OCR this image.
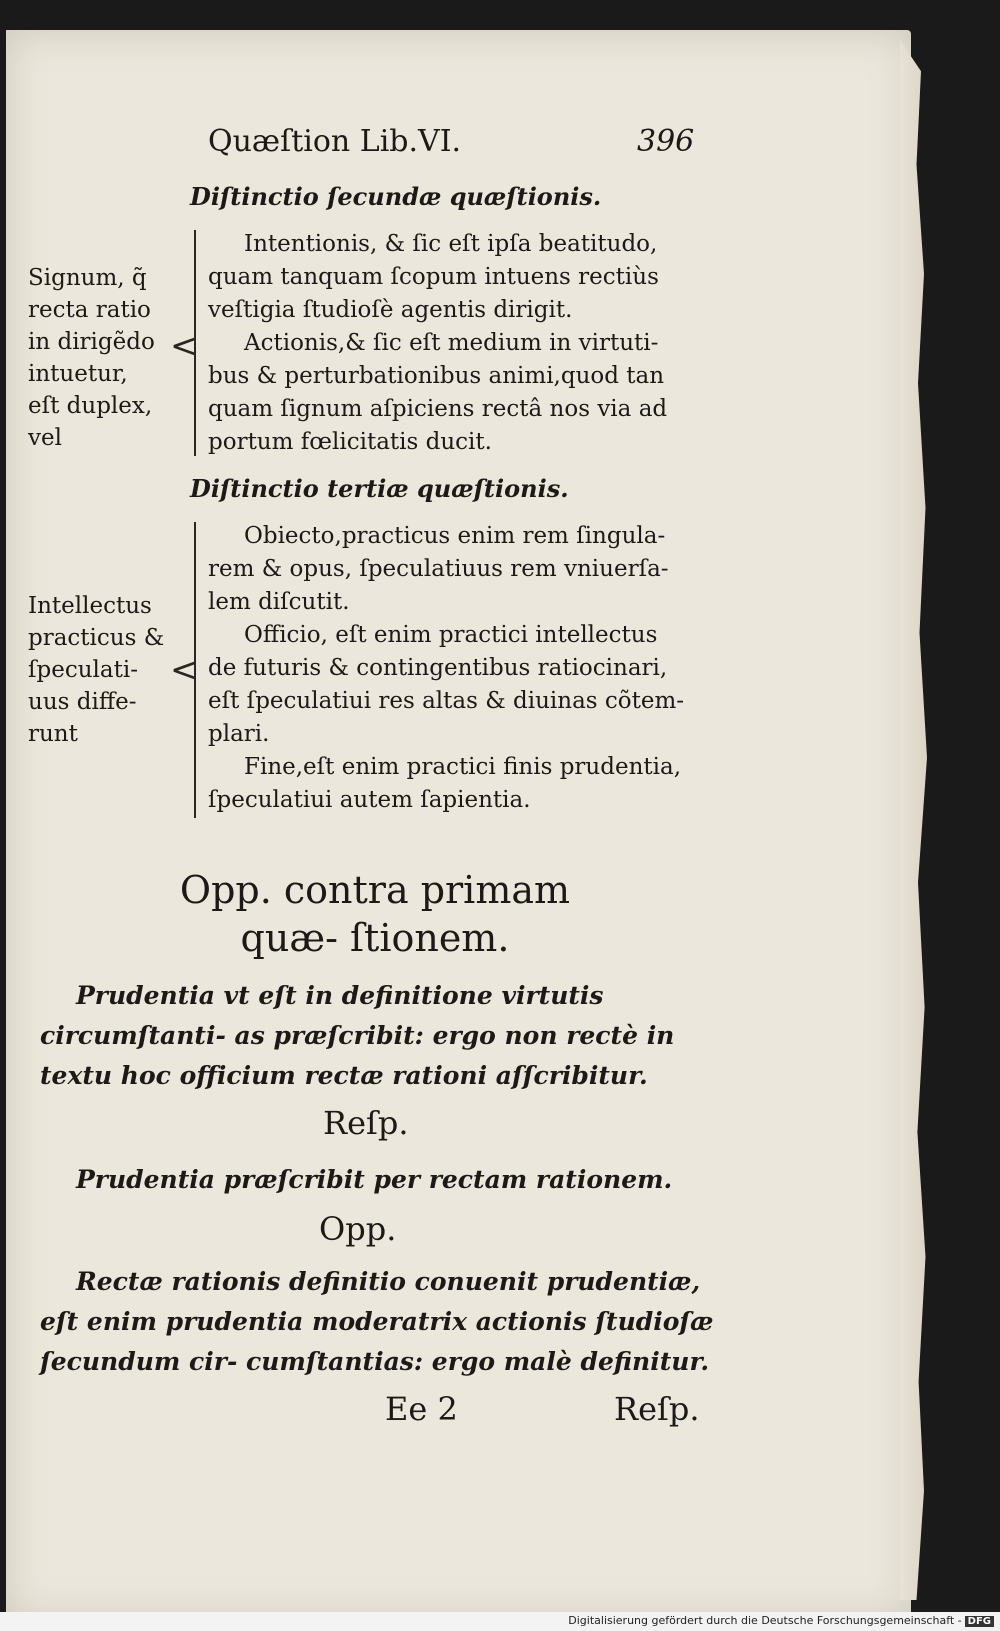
Quæſtion Lib.VI.	396
Diſtinctio ſecundæ quæſtionis.
Signum, q̃
recta ratio
in dirigẽdo
intuetur,
eſt duplex,
vel
<
Intentionis, & ſic eſt ipſa beatitudo,
quam tanquam ſcopum intuens rectiùs
veſtigia ſtudioſè agentis dirigit.
Actionis,& ſic eſt medium in virtuti-
bus & perturbationibus animi,quod tan
quam ſignum aſpiciens rectâ nos via ad
portum fœlicitatis ducit.
Diſtinctio tertiæ quæſtionis.
Intellectus
practicus &
ſpeculati-
uus diffe-
runt
<
Obiecto,practicus enim rem ſingula-
rem & opus, ſpeculatiuus rem vniuerſa-
lem diſcutit.
Officio, eſt enim practici intellectus
de futuris & contingentibus ratiocinari,
eſt ſpeculatiui res altas & diuinas cõtem-
plari.
Fine,eſt enim practici finis prudentia,
ſpeculatiui autem ſapientia.
Opp. contra primam quæ- ſtionem.
Prudentia vt eſt in definitione virtutis circumſtanti- as præſcribit: ergo non rectè in textu hoc officium rectæ rationi aſſcribitur.
Reſp.
Prudentia præſcribit per rectam rationem.
Opp.
Rectæ rationis definitio conuenit prudentiæ, eſt enim prudentia moderatrix actionis ſtudioſæ ſecundum cir- cumſtantias: ergo malè definitur.
Ee 2	Reſp.
Digitalisierung gefördert durch die Deutsche Forschungsgemeinschaft - DFG
